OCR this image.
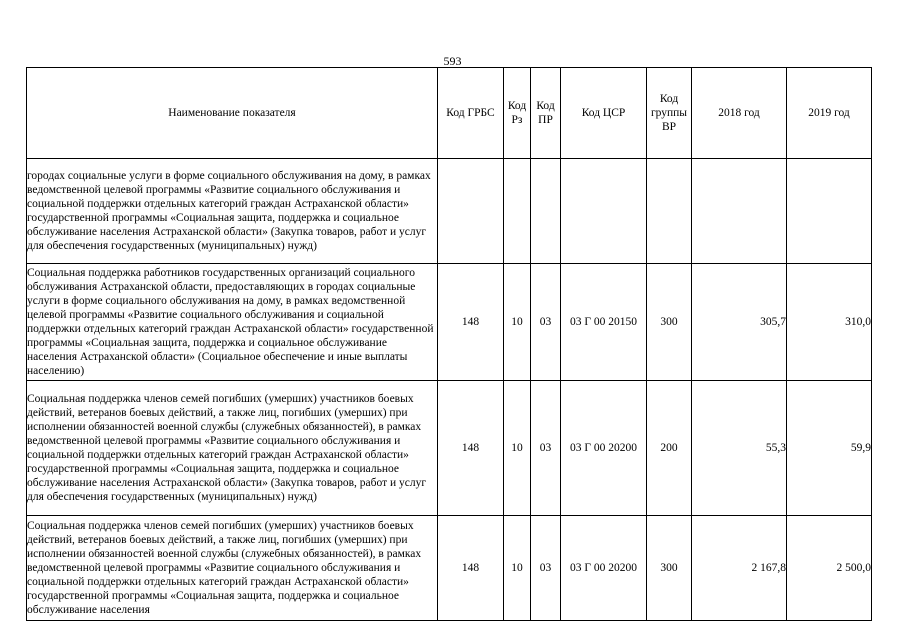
593
Наименование показателя	Код ГРБС	Код Рз	Код ПР	Код ЦСР	Код группы ВР	2018 год	2019 год
городах социальные услуги в форме социального обслуживания на дому, в рамках ведомственной целевой программы «Развитие социального обслуживания и социальной поддержки отдельных категорий граждан Астраханской области» государственной программы «Социальная защита, поддержка и социальное обслуживание населения Астраханской области» (Закупка товаров, работ и услуг для обеспечения государственных (муниципальных) нужд)							
Социальная поддержка работников государственных организаций социального обслуживания Астраханской области, предоставляющих в городах социальные услуги в форме социального обслуживания на дому, в рамках ведомственной целевой программы «Развитие социального обслуживания и социальной поддержки отдельных категорий граждан Астраханской области» государственной программы «Социальная защита, поддержка и социальное обслуживание населения Астраханской области» (Социальное обеспечение и иные выплаты населению)	148	10	03	03 Г 00 20150	300	305,7	310,0
Социальная поддержка членов семей погибших (умерших) участников боевых действий, ветеранов боевых действий, а также лиц, погибших (умерших) при исполнении обязанностей военной службы (служебных обязанностей), в рамках ведомственной целевой программы «Развитие социального обслуживания и социальной поддержки отдельных категорий граждан Астраханской области» государственной программы «Социальная защита, поддержка и социальное обслуживание населения Астраханской области» (Закупка товаров, работ и услуг для обеспечения государственных (муниципальных) нужд)	148	10	03	03 Г 00 20200	200	55,3	59,9
Социальная поддержка членов семей погибших (умерших) участников боевых действий, ветеранов боевых действий, а также лиц, погибших (умерших) при исполнении обязанностей военной службы (служебных обязанностей), в рамках ведомственной целевой программы «Развитие социального обслуживания и социальной поддержки отдельных категорий граждан Астраханской области» государственной программы «Социальная защита, поддержка и социальное обслуживание населения	148	10	03	03 Г 00 20200	300	2 167,8	2 500,0
